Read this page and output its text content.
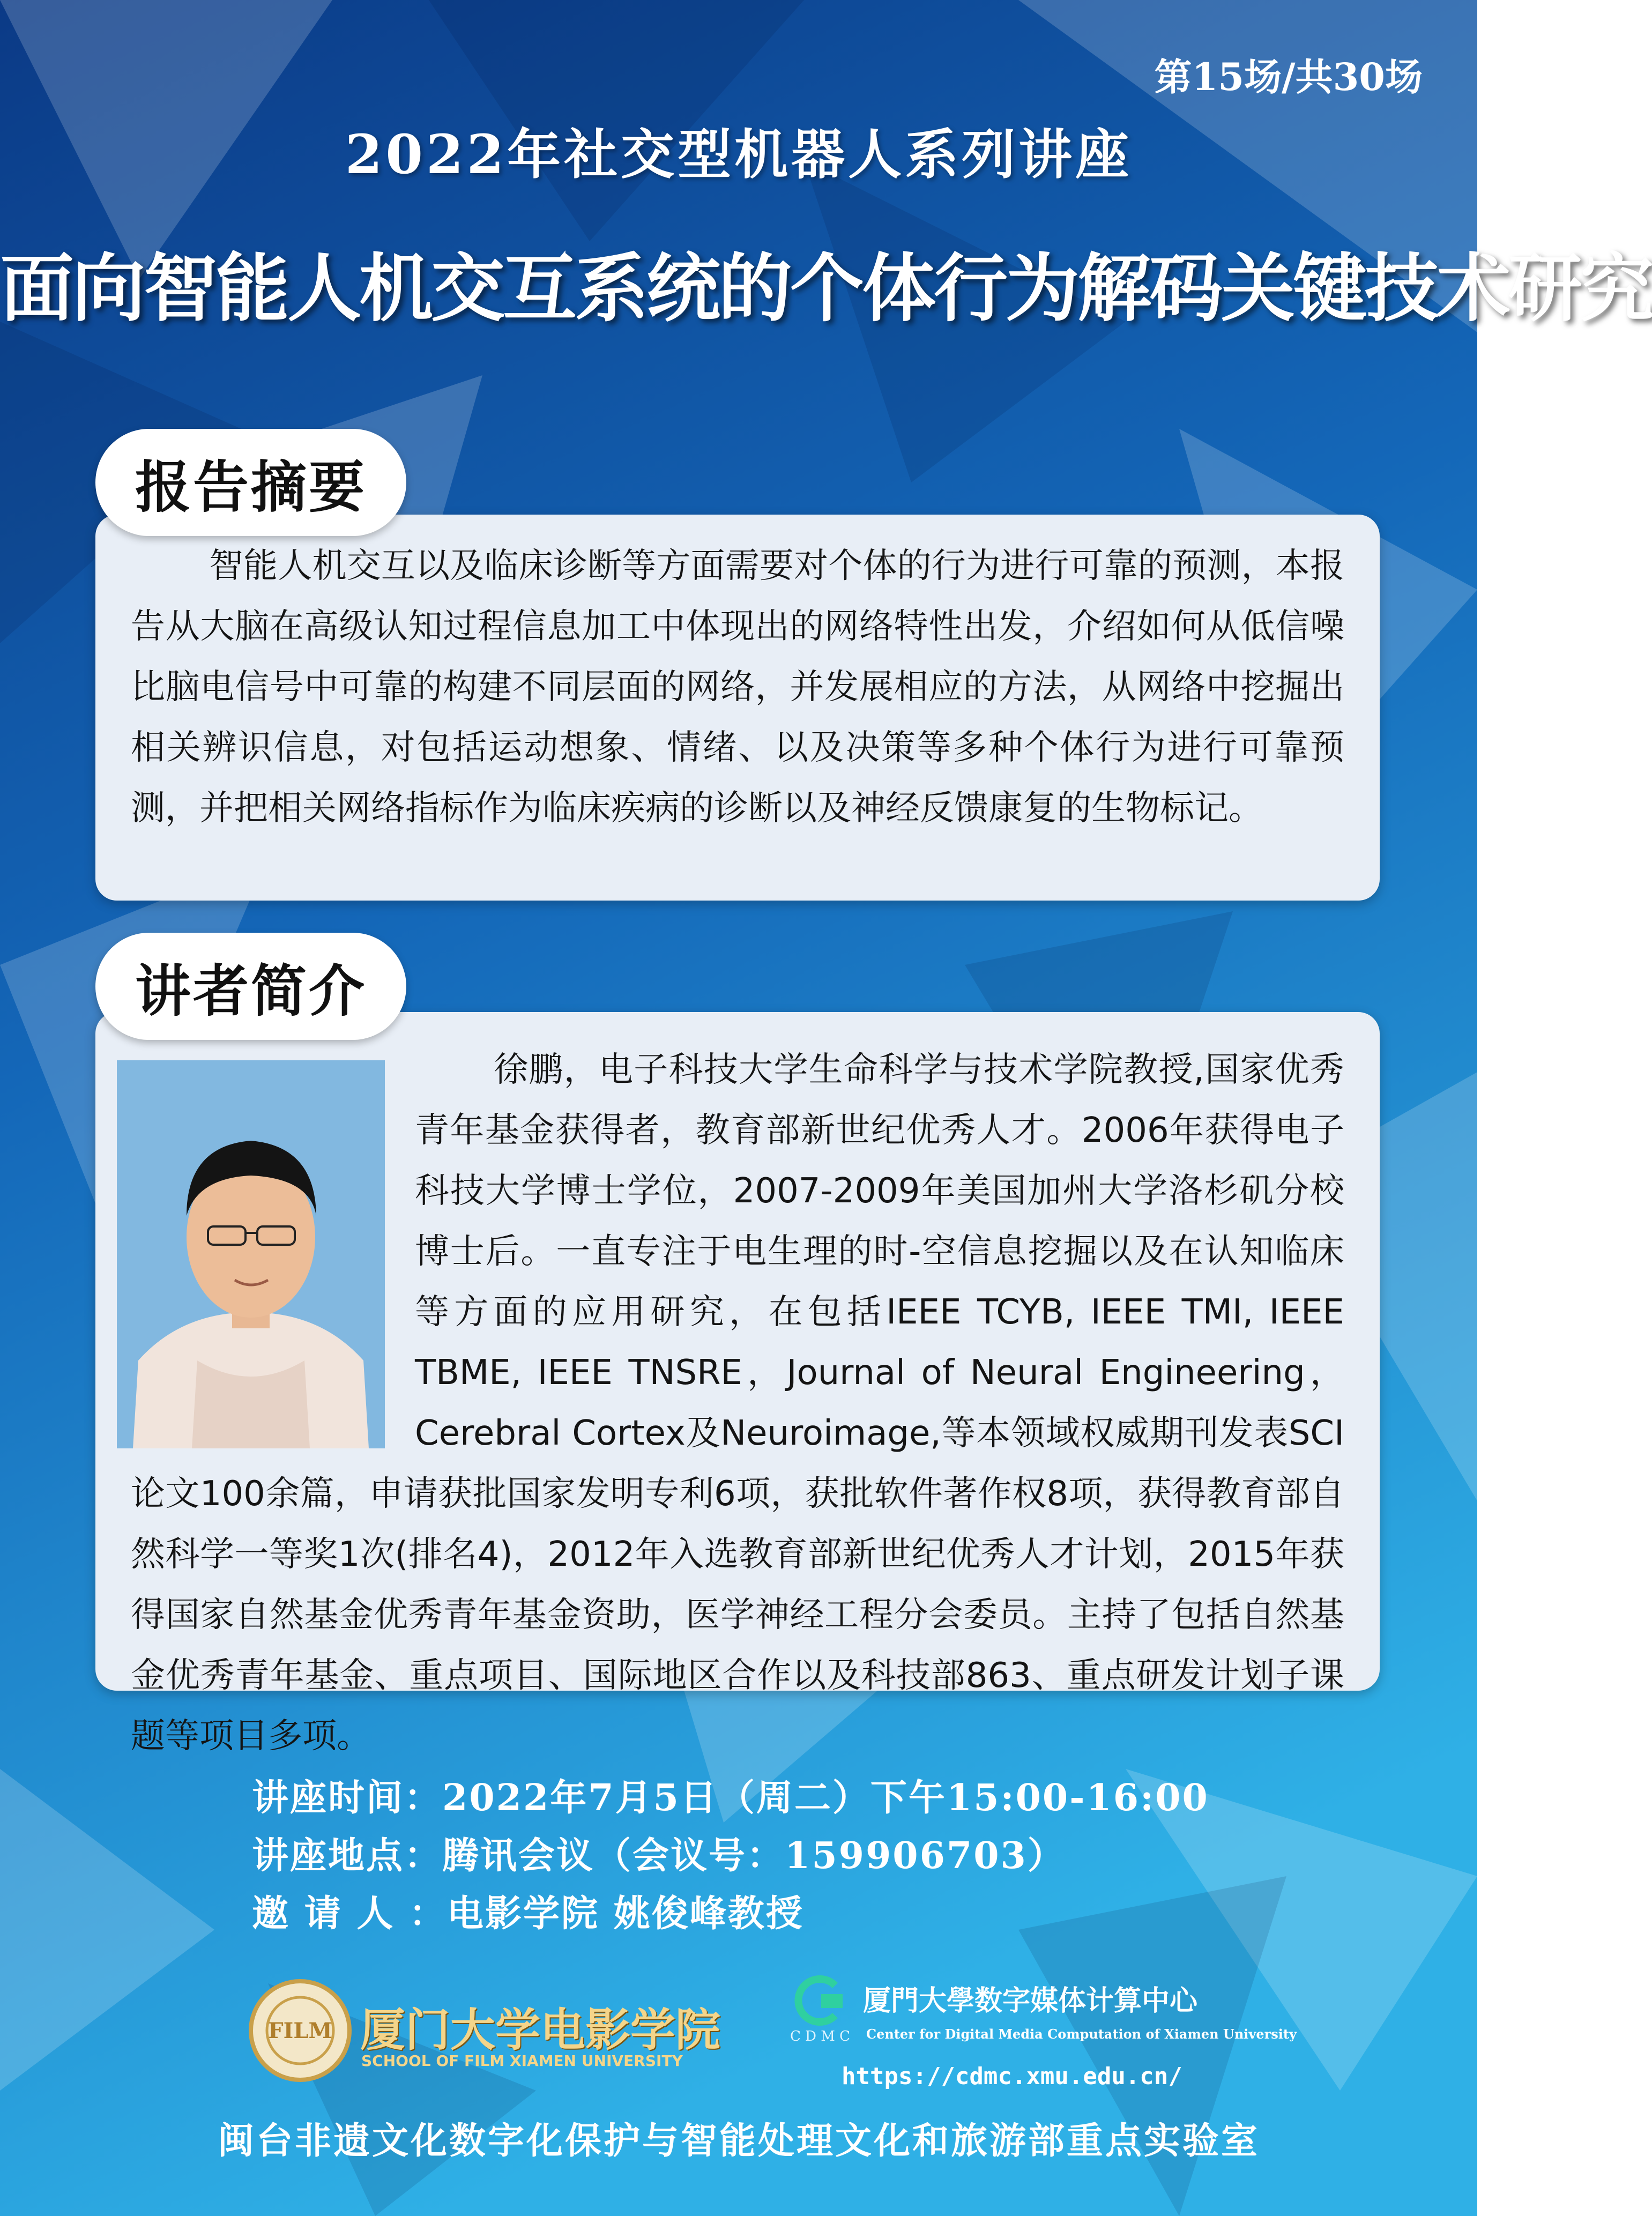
第15场/共30场
2022年社交型机器人系列讲座
面向智能人机交互系统的个体行为解码关键技术研究
报告摘要
智能人机交互以及临床诊断等方面需要对个体的行为进行可靠的预测，本报告从大脑在高级认知过程信息加工中体现出的网络特性出发，介绍如何从低信噪比脑电信号中可靠的构建不同层面的网络，并发展相应的方法，从网络中挖掘出相关辨识信息，对包括运动想象、情绪、以及决策等多种个体行为进行可靠预测，并把相关网络指标作为临床疾病的诊断以及神经反馈康复的生物标记。
讲者简介
徐鹏，电子科技大学生命科学与技术学院教授,国家优秀青年基金获得者，教育部新世纪优秀人才。2006年获得电子科技大学博士学位，2007-2009年美国加州大学洛杉矶分校博士后。一直专注于电生理的时-空信息挖掘以及在认知临床等方面的应用研究，在包括IEEE TCYB, IEEE TMI, IEEE TBME, IEEE TNSRE，Journal of Neural Engineering，Cerebral Cortex及Neuroimage,等本领域权威期刊发表SCI论文100余篇，申请获批国家发明专利6项，获批软件著作权8项，获得教育部自然科学一等奖1次(排名4)，2012年入选教育部新世纪优秀人才计划，2015年获得国家自然基金优秀青年基金资助，医学神经工程分会委员。主持了包括自然基金优秀青年基金、重点项目、国际地区合作以及科技部863、重点研发计划子课题等项目多项。
讲座时间：2022年7月5日（周二）下午15:00-16:00
讲座地点：腾讯会议（会议号：159906703）
邀 请 人 ：电影学院 姚俊峰教授
FILM 厦门大学电影学院
SCHOOL OF FILM XIAMEN UNIVERSITY
厦門大學数字媒体计算中心
C D M C Center for Digital Media Computation of Xiamen University
https://cdmc.xmu.edu.cn/
闽台非遗文化数字化保护与智能处理文化和旅游部重点实验室
